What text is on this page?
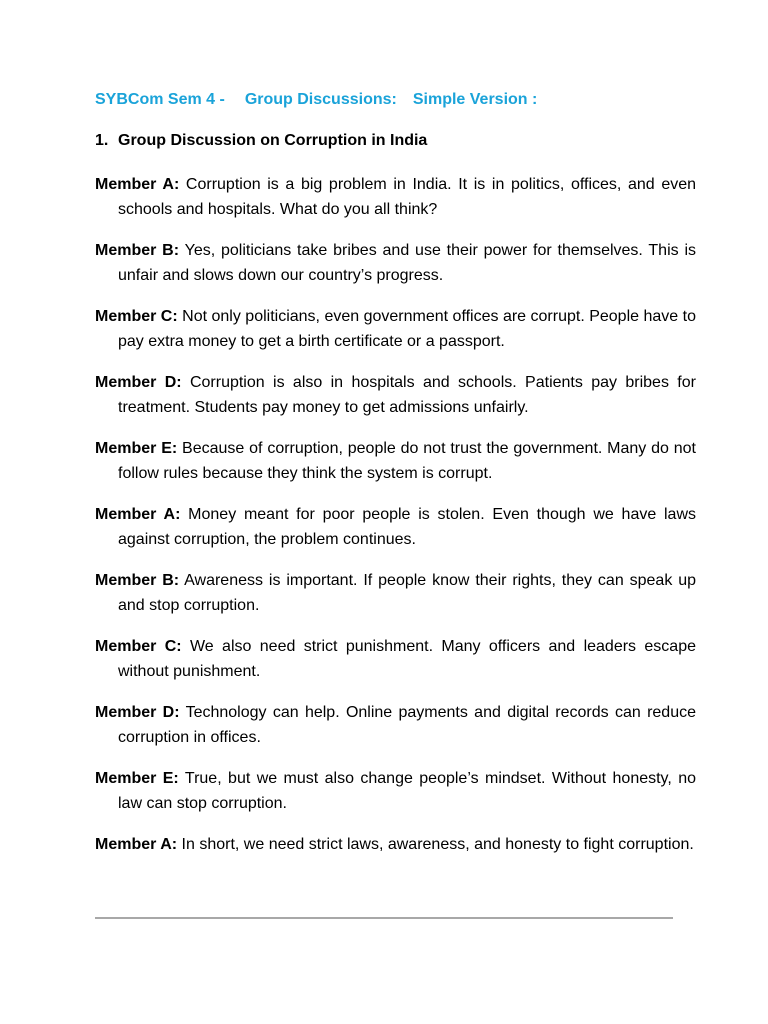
SYBCom Sem 4 - Group Discussions: Simple Version :
1. Group Discussion on Corruption in India

Member A: Corruption is a big problem in India. It is in politics, offices, and even schools and hospitals. What do you all think?

Member B: Yes, politicians take bribes and use their power for themselves. This is unfair and slows down our country’s progress.

Member C: Not only politicians, even government offices are corrupt. People have to pay extra money to get a birth certificate or a passport.

Member D: Corruption is also in hospitals and schools. Patients pay bribes for treatment. Students pay money to get admissions unfairly.

Member E: Because of corruption, people do not trust the government. Many do not follow rules because they think the system is corrupt.

Member A: Money meant for poor people is stolen. Even though we have laws against corruption, the problem continues.

Member B: Awareness is important. If people know their rights, they can speak up and stop corruption.

Member C: We also need strict punishment. Many officers and leaders escape without punishment.

Member D: Technology can help. Online payments and digital records can reduce corruption in offices.

Member E: True, but we must also change people’s mindset. Without honesty, no law can stop corruption.

Member A: In short, we need strict laws, awareness, and honesty to fight corruption.
